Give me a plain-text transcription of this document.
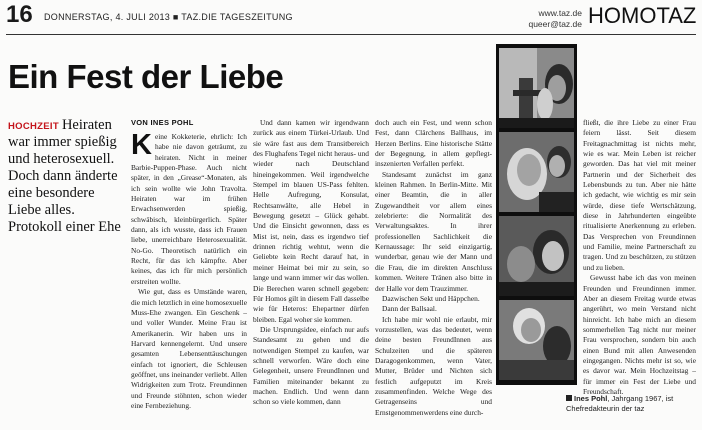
16 DONNERSTAG, 4. JULI 2013 ■ TAZ.DIE TAGESZEITUNG	www.taz.de
queer@taz.de HOMOTAZ
Ein Fest der Liebe
HOCHZEIT Heiraten war immer spießig und heterosexuell. Doch dann änderte eine besondere Liebe alles. Protokoll einer Ehe
VON INES POHL

Keine Kokketerie, ehrlich: Ich habe nie davon geträumt, zu heiraten. Nicht in meiner Barbie-Puppen-Phase. Auch nicht später, in den „Grease“-Monaten, als ich sein wollte wie John Travolta. Heiraten war im frühen Erwachsenwerden spießig, schwäbisch, kleinbürgerlich. Später dann, als ich wusste, dass ich Frauen liebe, unerreichbare Heterosexualität. No-Go. Theoretisch natürlich ein Recht, für das ich kämpfte. Aber keines, das ich für mich persönlich erstreiten wollte.

Wie gut, dass es Umstände waren, die mich letztlich in eine homosexuelle Muss-Ehe zwangen. Ein Geschenk – und voller Wunder. Meine Frau ist Amerikanerin. Wir haben uns in Harvard kennengelernt. Und unsere gesamten Lebensenttäuschungen einfach tot ignoriert, die Schleusen geöffnet, uns ineinander verliebt. Allen Widrigkeiten zum Trotz. Freundinnen und Freunde stöhnten, schon wieder eine Fernbeziehung.

Und dann kamen wir irgendwann zurück aus einem Türkei-Urlaub. Und sie wäre fast aus dem Transitbereich des Flughafens Tegel nicht heraus- und wieder nach Deutschland hineingekommen. Weil irgendwelche Stempel im blauen US-Pass fehlten. Helle Aufregung, Konsulat, Rechtsanwälte, alle Hebel in Bewegung gesetzt – Glück gehabt. Und die Einsicht gewonnen, dass es Mist ist, nein, dass es irgendwo tief drinnen richtig wehtut, wenn die Geliebte kein Recht darauf hat, in meiner Heimat bei mir zu sein, so lange und wann immer wir das wollen. Die Berechen waren schnell gegeben: Für Homos gilt in diesem Fall dasselbe wie für Heteros: Ehepartner dürfen bleiben. Egal woher sie kommen.

Die Ursprungsidee, einfach nur aufs Standesamt zu gehen und die notwendigen Stempel zu kaufen, war schnell verworfen. Wäre doch eine Gelegenheit, unsere FreundInnen und Familien miteinander bekannt zu machen. Endlich. Und wenn dann schon so viele kommen, dann

doch auch ein Fest, und wenn schon Fest, dann Clärchens Ballhaus, im Herzen Berlins. Eine historische Stätte der Begegnung, in allem gepflegt-inszenierten Verfallen perfekt.

Standesamt zunächst im ganz kleinen Rahmen. In Berlin-Mitte. Mit einer Beamtin, die in aller Zugewandtheit vor allem eines zelebrierte: die Normalität des Verwaltungsaktes. In ihrer professionellen Sachlichkeit die Kernaussage: Ihr seid einzigartig, wunderbar, genau wie der Mann und die Frau, die im direkten Anschluss kommen. Weitere Tränen also bitte in der Halle vor dem Trauzimmer.

Dazwischen Sekt und Häppchen.

Dann der Ballsaal.

Ich habe mir wohl nie erlaubt, mir vorzustellen, was das bedeutet, wenn deine besten FreundInnen aus Schulzeiten und die späteren Daragogenkommen, wenn Vater, Mutter, Brüder und Nichten sich festlich aufgeputzt im Kreis zusammenfinden. Welche Wege des Getragenseins und Ernstgenommenwerdens eine durch-

fließt, die ihre Liebe zu einer Frau feiern lässt. Seit diesem Freitagnachmittag ist nichts mehr, wie es war. Mein Leben ist reicher geworden. Das hat viel mit meiner Partnerin und der Sicherheit des Lebensbunds zu tun. Aber nie hätte ich gedacht, wie wichtig es mir sein würde, diese tiefe Wertschätzung, diese in Jahrhunderten eingeübte ritualisierte Anerkennung zu erleben. Das Versprechen von Freundinnen und Familie, meine Partnerschaft zu tragen. Und zu beschützen, zu stützen und zu lieben.

Gewusst habe ich das von meinen Freunden und Freundinnen immer. Aber an diesem Freitag wurde etwas angerührt, wo mein Verstand nicht hinreicht. Ich habe mich an diesem sommerhellen Tag nicht nur meiner Frau versprochen, sondern bin auch einen Bund mit allen Anwesenden eingegangen. Nichts mehr ist so, wie es davor war. Mein Hochzeitstag – für immer ein Fest der Liebe und Freundschaft.

Ines Pohl, Jahrgang 1967, ist Chefredakteurin der taz
